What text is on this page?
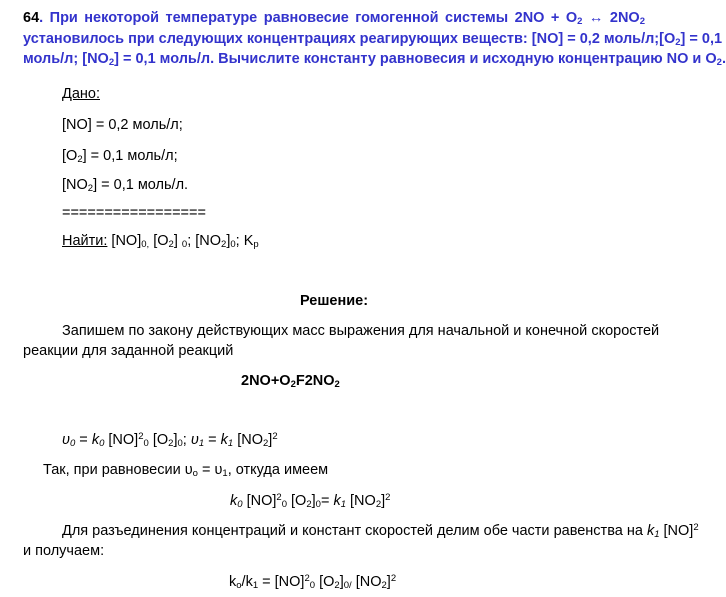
64. При некоторой температуре равновесие гомогенной системы $2NO + O_2$ ↔ $2NO_2$
установилось при следующих концентрациях реагирующих веществ: [NO] = 0,2 моль/$л;[O_2] = 0,1$
моль/л; $[NO_2] = 0,1$ моль/л. Вычислите константу равновесия и исходную концентрацию NO и $O_2$.
Дано:
[NO] = 0,2 моль/л;
$[O_2] = 0,1$ моль/л;
$[NO_2] = 0,1$ моль/л.
=================
Найти: $[NO]_{0,}$ $[O_2]$ $_0$; $[NO_2]_0$; $K_р$
Решение:
Запишем по закону действующих масс выражения для начальной и конечной скоростей
реакции для заданной реакций
$2NO+O_2F2NO_2$
$\upsilon_0 = k_0$ [NO]$^2_0$ $[O_2]_0$; $\upsilon_1 = k_1$ $[NO_2]^2$
Так, при равновесии $\upsilon_о = \upsilon_1$, откуда имеем
$k_0$ [NO]$^2_0$ $[O_2]_0= k_1$ $[NO_2]^2$
Для разъединения концентраций и констант скоростей делим обе части равенства на $k_1$ [NO]$^2$
и получаем:
$k_о/k_1 = [NO]^2_0$ $[O_2]_{0/}$ $[NO_2]^2$
